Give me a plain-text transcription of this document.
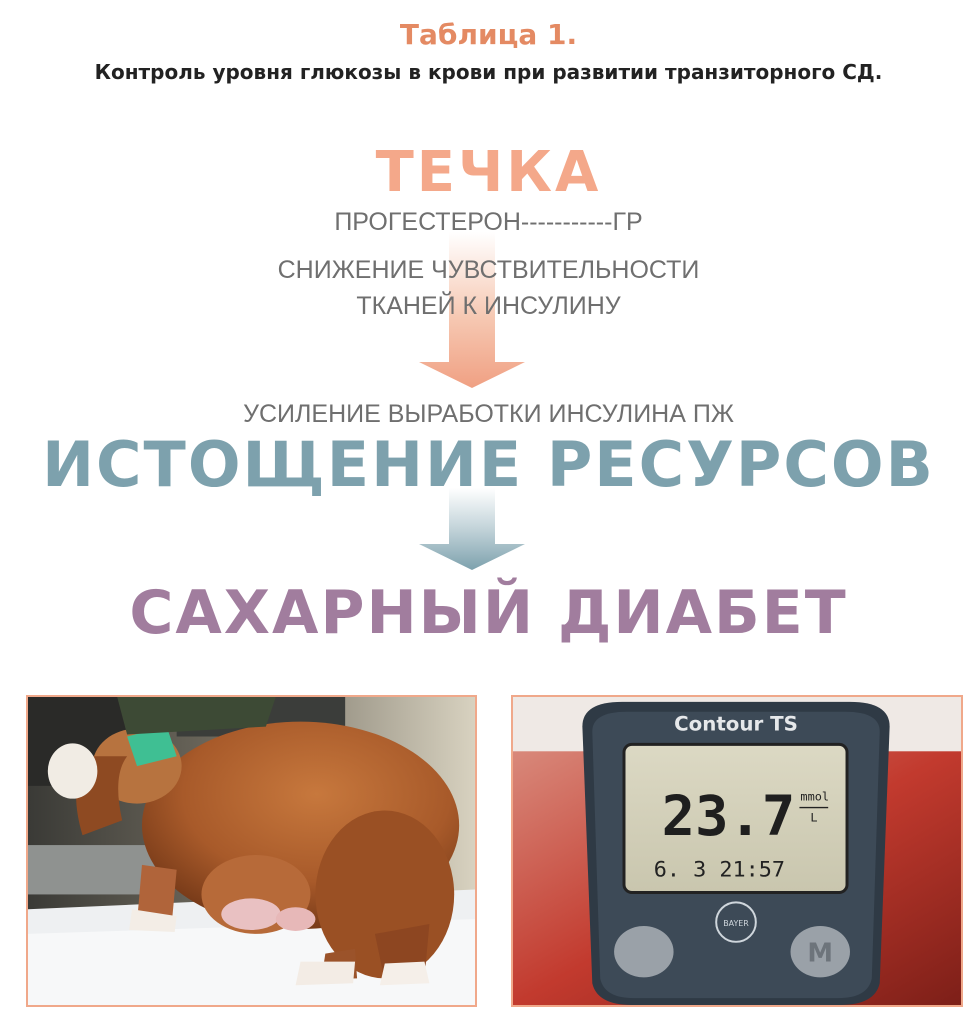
Таблица 1.
Контроль уровня глюкозы в крови при развитии транзиторного СД.
ТЕЧКА
ПРОГЕСТЕРОН-----------ГР
СНИЖЕНИЕ ЧУВСТВИТЕЛЬНОСТИ
ТКАНЕЙ К ИНСУЛИНУ
УСИЛЕНИЕ ВЫРАБОТКИ ИНСУЛИНА ПЖ
ИСТОЩЕНИЕ РЕСУРСОВ
САХАРНЫЙ ДИАБЕТ
Contour TS
23.7 mmol
L
6. 3 21:57
BAYER
M
